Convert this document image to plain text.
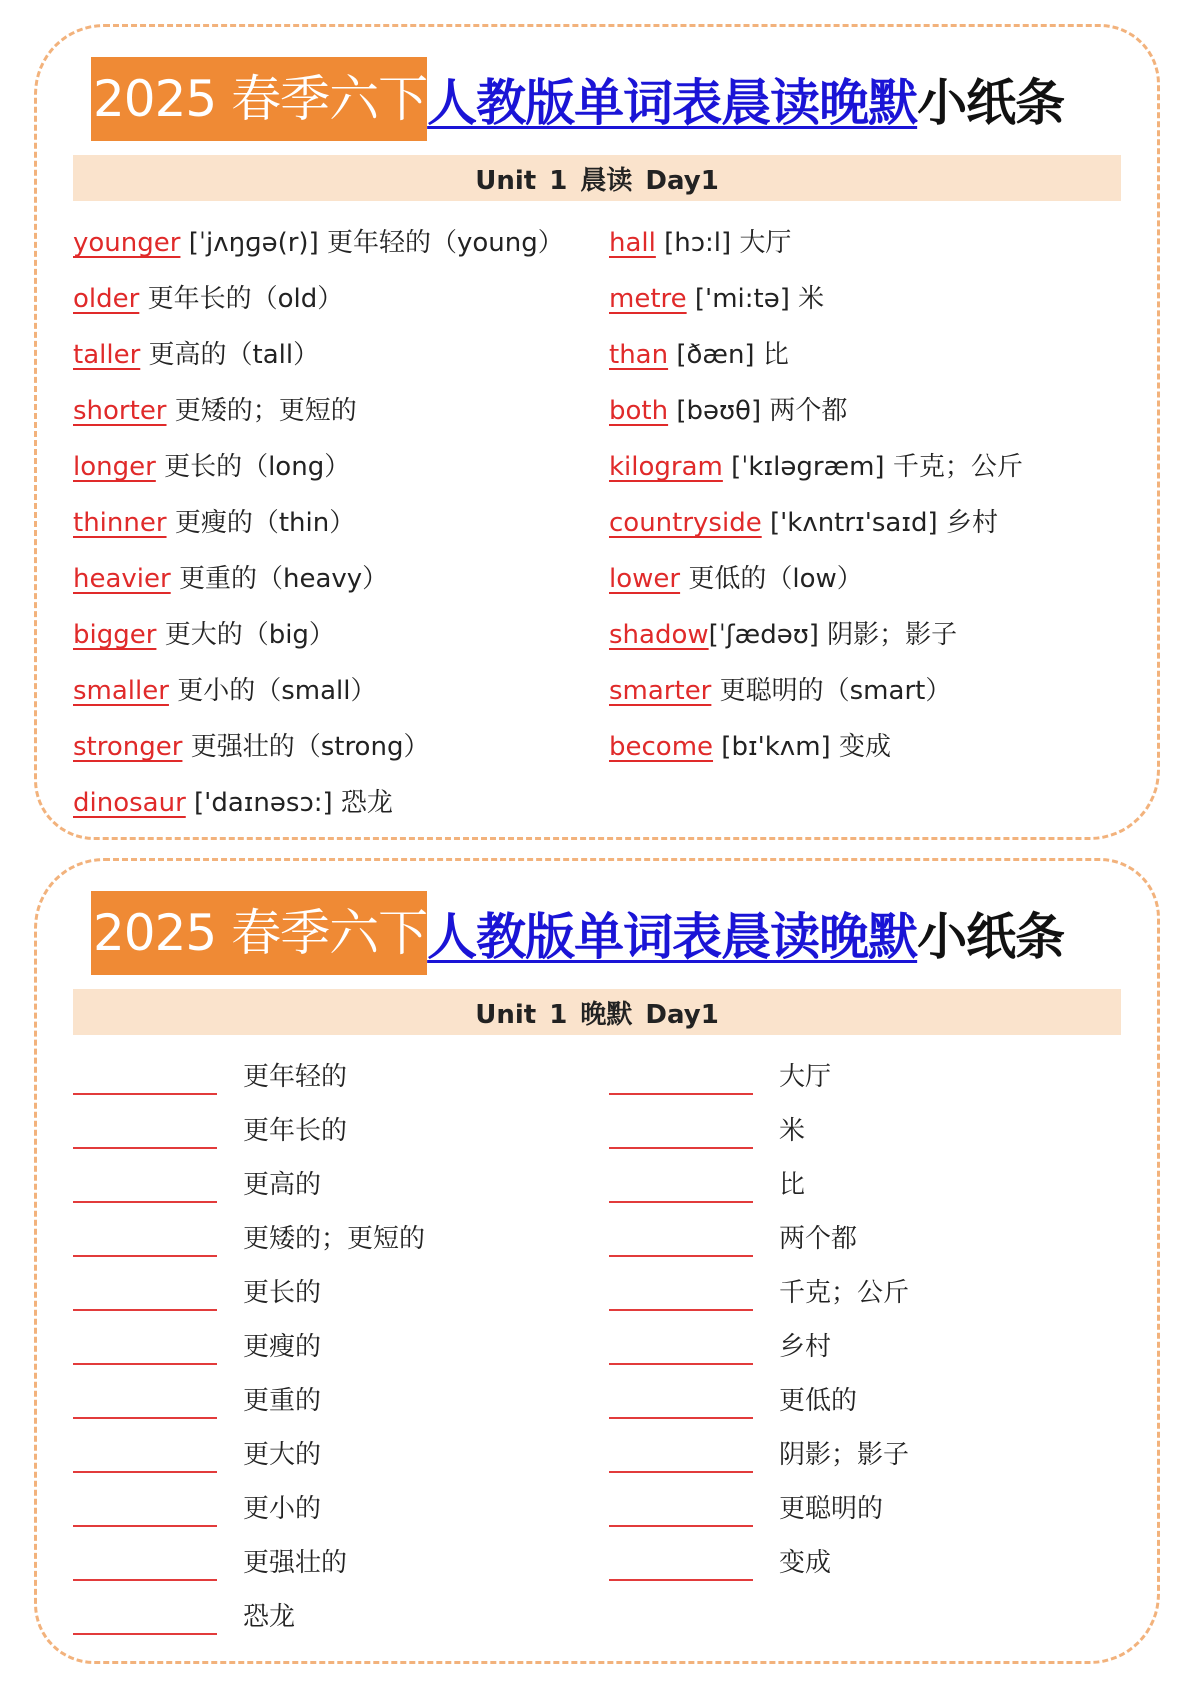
2025 春季六下 人教版单词表晨读晚默 小纸条
Unit 1 晨读 Day1
younger [ˈjʌŋɡə(r)] 更年轻的（young）
older 更年长的（old）
taller 更高的（tall）
shorter 更矮的；更短的
longer 更长的（long）
thinner 更瘦的（thin）
heavier 更重的（heavy）
bigger 更大的（big）
smaller 更小的（small）
stronger 更强壮的（strong）
dinosaur ['daɪnəsɔ:] 恐龙
hall [hɔ:l] 大厅
metre ['mi:tə] 米
than [ðæn] 比
both [bəʊθ] 两个都
kilogram [ˈkɪləgræm] 千克；公斤
countryside ['kʌntrɪ'saɪd] 乡村
lower 更低的（low）
shadow[ˈʃædəʊ] 阴影；影子
smarter 更聪明的（smart）
become [bɪ'kʌm] 变成
2025 春季六下 人教版单词表晨读晚默 小纸条
Unit 1 晚默 Day1
更年轻的
更年长的
更高的
更矮的；更短的
更长的
更瘦的
更重的
更大的
更小的
更强壮的
恐龙
大厅
米
比
两个都
千克；公斤
乡村
更低的
阴影；影子
更聪明的
变成
